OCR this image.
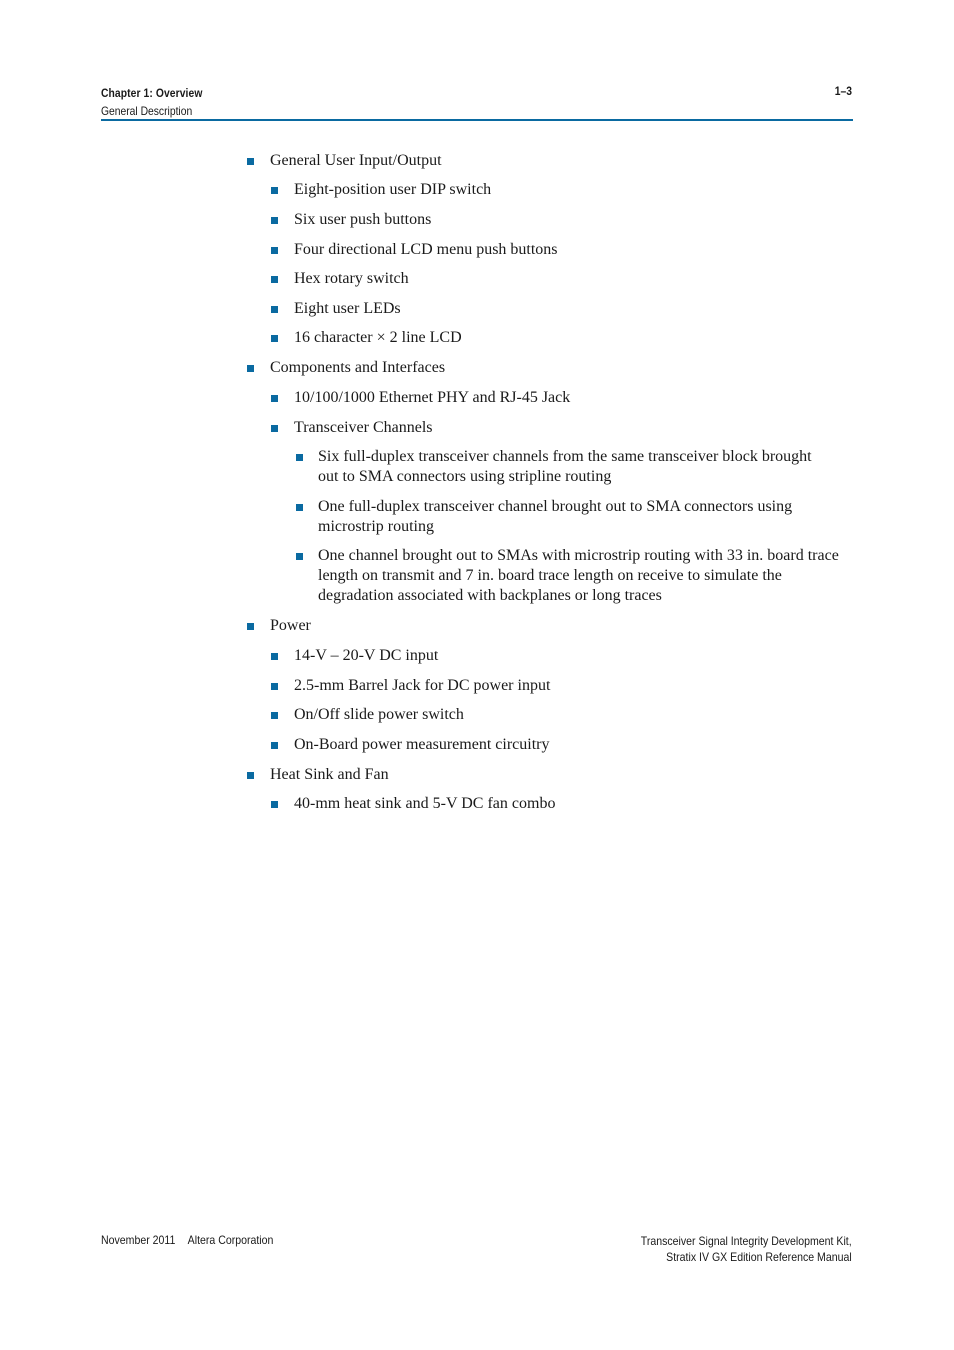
Chapter 1: Overview
General Description
1–3
General User Input/Output
Eight-position user DIP switch
Six user push buttons
Four directional LCD menu push buttons
Hex rotary switch
Eight user LEDs
16 character × 2 line LCD
Components and Interfaces
10/100/1000 Ethernet PHY and RJ-45 Jack
Transceiver Channels
Six full-duplex transceiver channels from the same transceiver block brought out to SMA connectors using stripline routing
One full-duplex transceiver channel brought out to SMA connectors using microstrip routing
One channel brought out to SMAs with microstrip routing with 33 in. board trace length on transmit and 7 in. board trace length on receive to simulate the degradation associated with backplanes or long traces
Power
14-V – 20-V DC input
2.5-mm Barrel Jack for DC power input
On/Off slide power switch
On-Board power measurement circuitry
Heat Sink and Fan
40-mm heat sink and 5-V DC fan combo
November 2011 Altera Corporation	Transceiver Signal Integrity Development Kit,
Stratix IV GX Edition Reference Manual
